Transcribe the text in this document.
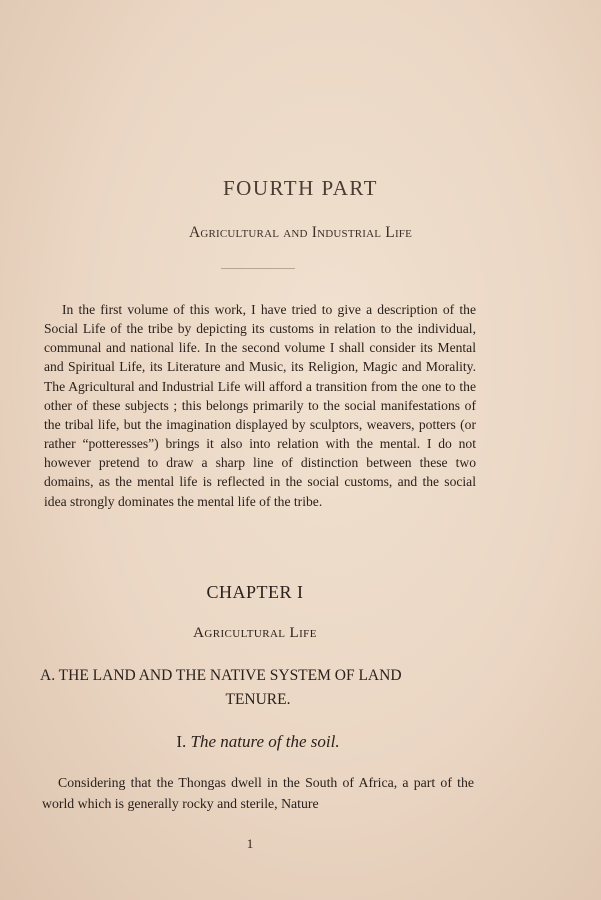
FOURTH PART
Agricultural and Industrial Life

In the first volume of this work, I have tried to give a description of the Social Life of the tribe by depicting its customs in relation to the individual, communal and national life. In the second volume I shall consider its Mental and Spiritual Life, its Literature and Music, its Religion, Magic and Morality. The Agricultural and Industrial Life will afford a transition from the one to the other of these subjects ; this belongs primarily to the social manifestations of the tribal life, but the imagination displayed by sculptors, weavers, potters (or rather “potteresses”) brings it also into relation with the mental. I do not however pretend to draw a sharp line of distinction between these two domains, as the mental life is reflected in the social customs, and the social idea strongly dominates the mental life of the tribe.

CHAPTER I
Agricultural Life
A. THE LAND AND THE NATIVE SYSTEM OF LAND
TENURE.
I. The nature of the soil.

Considering that the Thongas dwell in the South of Africa, a part of the world which is generally rocky and sterile, Nature

1
